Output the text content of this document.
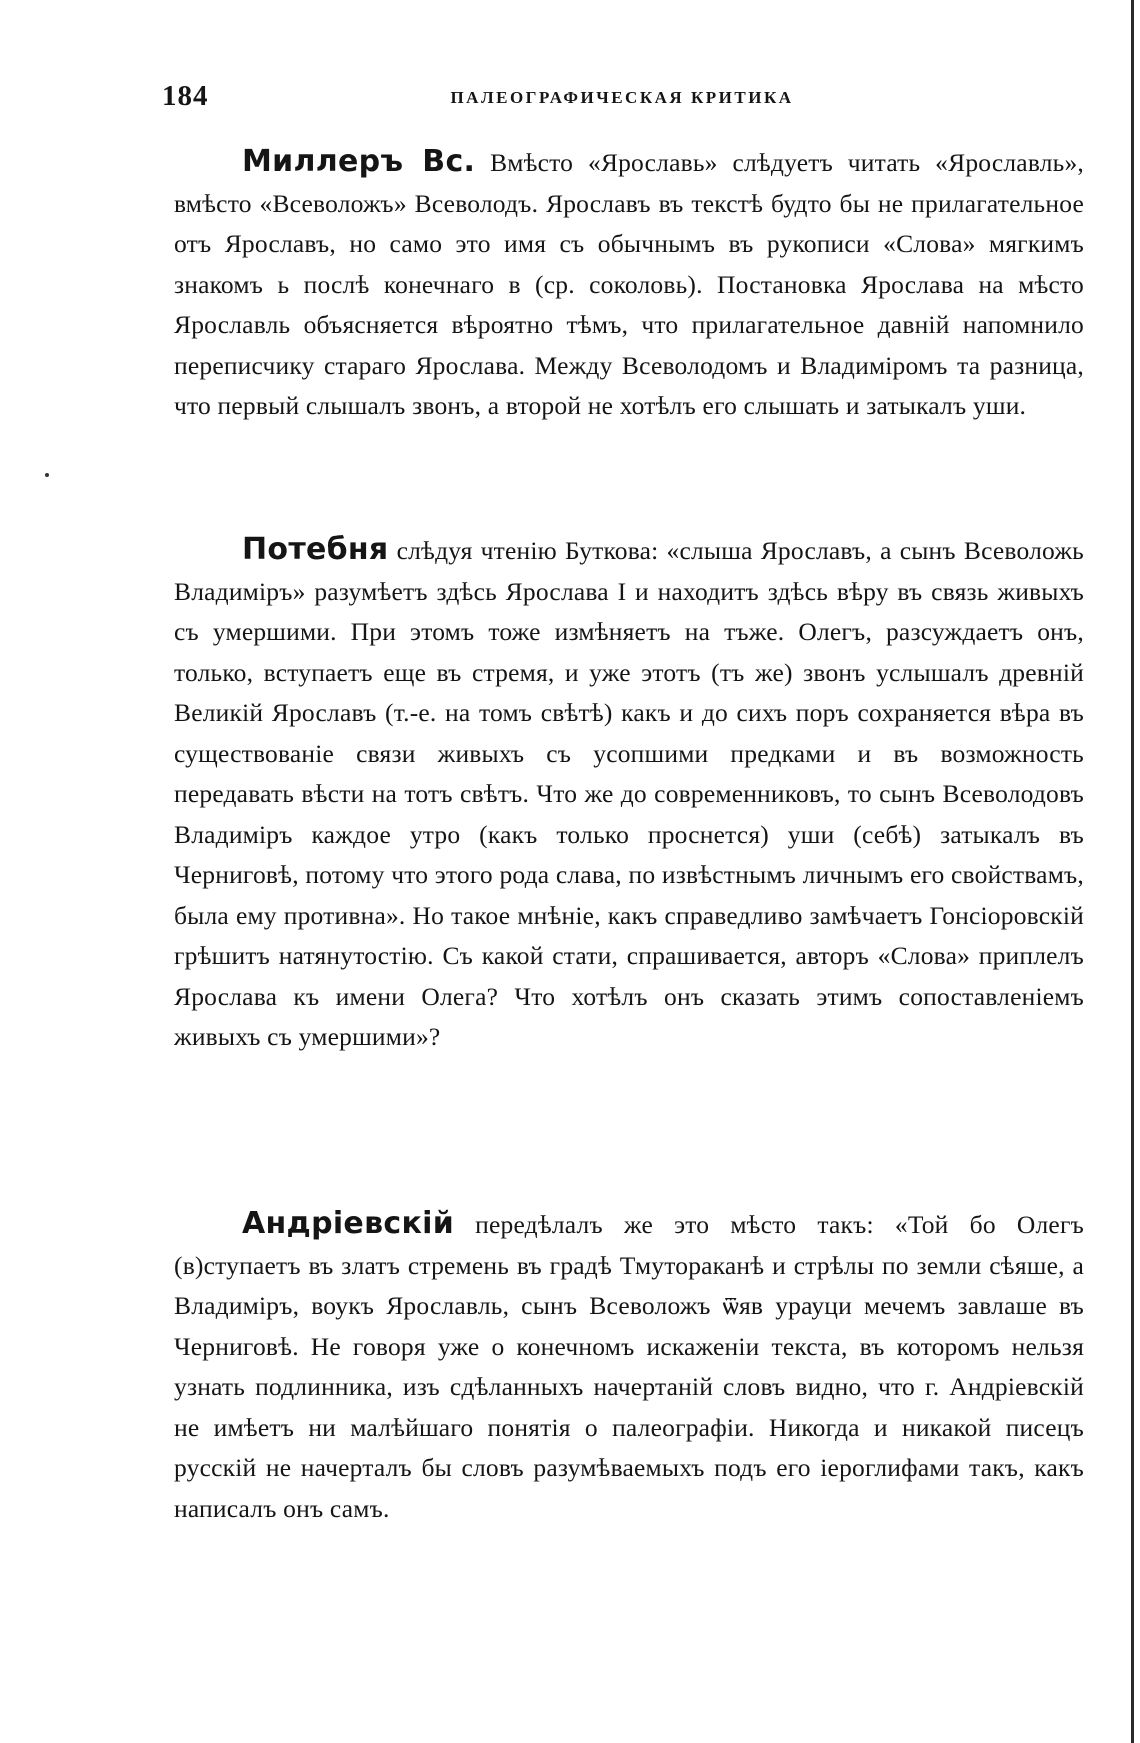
184	ПАЛЕОГРАФИЧЕСКАЯ КРИТИКА

Миллеръ Вс. Вмѣсто «Ярославь» слѣдуетъ читать «Ярославль», вмѣсто «Всеволожъ» Всеволодъ. Ярославъ въ текстѣ будто бы не прилагательное отъ Ярославъ, но само это имя съ обычнымъ въ рукописи «Слова» мягкимъ знакомъ ь послѣ конечнаго в (ср. соколовь). Постановка Ярослава на мѣсто Ярославль объясняется вѣроятно тѣмъ, что прилагательное давнiй напомнило переписчику стараго Ярослава. Между Всеволодомъ и Владимiромъ та разница, что первый слышалъ звонъ, а второй не хотѣлъ его слышать и затыкалъ уши.

Потебня слѣдуя чтенiю Буткова: «слыша Ярославъ, а сынъ Всеволожь Владимiръ» разумѣетъ здѣсь Ярослава I и находитъ здѣсь вѣру въ связь живыхъ съ умершими. При этомъ тоже измѣняетъ на тъже. Олегъ, разсуждаетъ онъ, только, вступаетъ еще въ стремя, и уже этотъ (тъ же) звонъ услышалъ древнiй Великiй Ярославъ (т.-е. на томъ свѣтѣ) какъ и до сихъ поръ сохраняется вѣра въ существованiе связи живыхъ съ усопшими предками и въ возможность передавать вѣсти на тотъ свѣтъ. Что же до современниковъ, то сынъ Всеволодовъ Владимiръ каждое утро (какъ только проснется) уши (себѣ) затыкалъ въ Черниговѣ, потому что этого рода слава, по извѣстнымъ личнымъ его свойствамъ, была ему противна». Но такое мнѣнiе, какъ справедливо замѣчаетъ Гонсiоровскiй грѣшитъ натянутостiю. Съ какой стати, спрашивается, авторъ «Слова» приплелъ Ярослава къ имени Олега? Что хотѣлъ онъ сказать этимъ сопоставленiемъ живыхъ съ умершими»?

Андрiевскiй передѣлалъ же это мѣсто такъ: «Той бо Олегъ (в)ступаетъ въ златъ стремень въ градѣ Тмутораканѣ и стрѣлы по земли сѣяше, а Владимiръ, воукъ Ярославль, сынъ Всеволожъ ѿяв урауци мечемъ завлаше въ Черниговѣ. Не говоря уже о конечномъ искаженiи текста, въ которомъ нельзя узнать подлинника, изъ сдѣланныхъ начертанiй словъ видно, что г. Андрiевскiй не имѣетъ ни малѣйшаго понятiя о палеографiи. Никогда и никакой писецъ русскiй не начерталъ бы словъ разумѣваемыхъ подъ его iероглифами такъ, какъ написалъ онъ самъ.
